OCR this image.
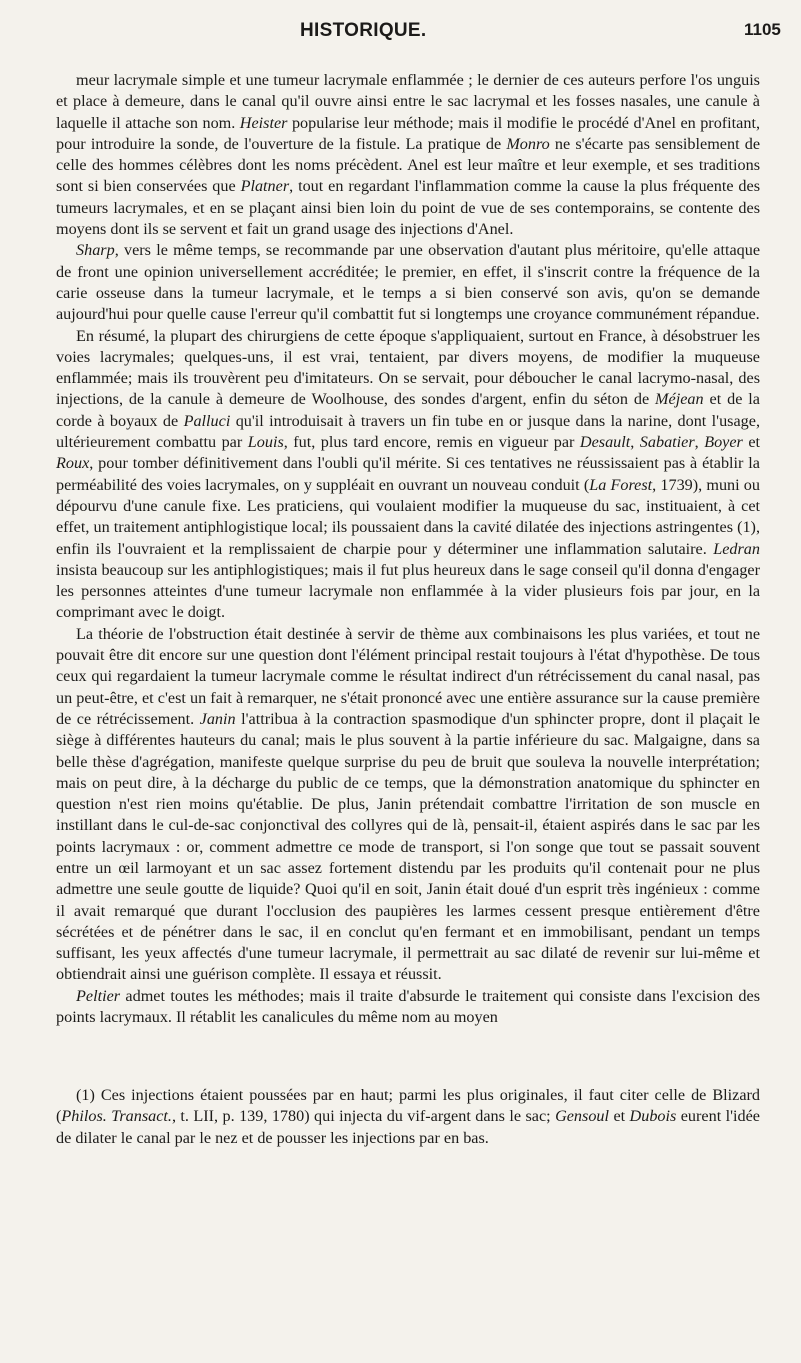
HISTORIQUE.	1105

meur lacrymale simple et une tumeur lacrymale enflammée ; le dernier de ces auteurs perfore l'os unguis et place à demeure, dans le canal qu'il ouvre ainsi entre le sac lacrymal et les fosses nasales, une canule à laquelle il attache son nom. Heister popularise leur méthode; mais il modifie le procédé d'Anel en profitant, pour introduire la sonde, de l'ouverture de la fistule. La pratique de Monro ne s'écarte pas sensiblement de celle des hommes célèbres dont les noms précèdent. Anel est leur maître et leur exemple, et ses traditions sont si bien conservées que Platner, tout en regardant l'inflammation comme la cause la plus fréquente des tumeurs lacrymales, et en se plaçant ainsi bien loin du point de vue de ses contemporains, se contente des moyens dont ils se servent et fait un grand usage des injections d'Anel.

Sharp, vers le même temps, se recommande par une observation d'autant plus méritoire, qu'elle attaque de front une opinion universellement accréditée; le premier, en effet, il s'inscrit contre la fréquence de la carie osseuse dans la tumeur lacrymale, et le temps a si bien conservé son avis, qu'on se demande aujourd'hui pour quelle cause l'erreur qu'il combattit fut si longtemps une croyance communément répandue.

En résumé, la plupart des chirurgiens de cette époque s'appliquaient, surtout en France, à désobstruer les voies lacrymales; quelques-uns, il est vrai, tentaient, par divers moyens, de modifier la muqueuse enflammée; mais ils trouvèrent peu d'imitateurs. On se servait, pour déboucher le canal lacrymo-nasal, des injections, de la canule à demeure de Woolhouse, des sondes d'argent, enfin du séton de Méjean et de la corde à boyaux de Palluci qu'il introduisait à travers un fin tube en or jusque dans la narine, dont l'usage, ultérieurement combattu par Louis, fut, plus tard encore, remis en vigueur par Desault, Sabatier, Boyer et Roux, pour tomber définitivement dans l'oubli qu'il mérite. Si ces tentatives ne réussissaient pas à établir la perméabilité des voies lacrymales, on y suppléait en ouvrant un nouveau conduit (La Forest, 1739), muni ou dépourvu d'une canule fixe. Les praticiens, qui voulaient modifier la muqueuse du sac, instituaient, à cet effet, un traitement antiphlogistique local; ils poussaient dans la cavité dilatée des injections astringentes (1), enfin ils l'ouvraient et la remplissaient de charpie pour y déterminer une inflammation salutaire. Ledran insista beaucoup sur les antiphlogistiques; mais il fut plus heureux dans le sage conseil qu'il donna d'engager les personnes atteintes d'une tumeur lacrymale non enflammée à la vider plusieurs fois par jour, en la comprimant avec le doigt.

La théorie de l'obstruction était destinée à servir de thème aux combinaisons les plus variées, et tout ne pouvait être dit encore sur une question dont l'élément principal restait toujours à l'état d'hypothèse. De tous ceux qui regardaient la tumeur lacrymale comme le résultat indirect d'un rétrécissement du canal nasal, pas un peut-être, et c'est un fait à remarquer, ne s'était prononcé avec une entière assurance sur la cause première de ce rétrécissement. Janin l'attribua à la contraction spasmodique d'un sphincter propre, dont il plaçait le siège à différentes hauteurs du canal; mais le plus souvent à la partie inférieure du sac. Malgaigne, dans sa belle thèse d'agrégation, manifeste quelque surprise du peu de bruit que souleva la nouvelle interprétation; mais on peut dire, à la décharge du public de ce temps, que la démonstration anatomique du sphincter en question n'est rien moins qu'établie. De plus, Janin prétendait combattre l'irritation de son muscle en instillant dans le cul-de-sac conjonctival des collyres qui de là, pensait-il, étaient aspirés dans le sac par les points lacrymaux : or, comment admettre ce mode de transport, si l'on songe que tout se passait souvent entre un œil larmoyant et un sac assez fortement distendu par les produits qu'il contenait pour ne plus admettre une seule goutte de liquide? Quoi qu'il en soit, Janin était doué d'un esprit très ingénieux : comme il avait remarqué que durant l'occlusion des paupières les larmes cessent presque entièrement d'être sécrétées et de pénétrer dans le sac, il en conclut qu'en fermant et en immobilisant, pendant un temps suffisant, les yeux affectés d'une tumeur lacrymale, il permettrait au sac dilaté de revenir sur lui-même et obtiendrait ainsi une guérison complète. Il essaya et réussit.

Peltier admet toutes les méthodes; mais il traite d'absurde le traitement qui consiste dans l'excision des points lacrymaux. Il rétablit les canalicules du même nom au moyen

(1) Ces injections étaient poussées par en haut; parmi les plus originales, il faut citer celle de Blizard (Philos. Transact., t. LII, p. 139, 1780) qui injecta du vif-argent dans le sac; Gensoul et Dubois eurent l'idée de dilater le canal par le nez et de pousser les injections par en bas.
